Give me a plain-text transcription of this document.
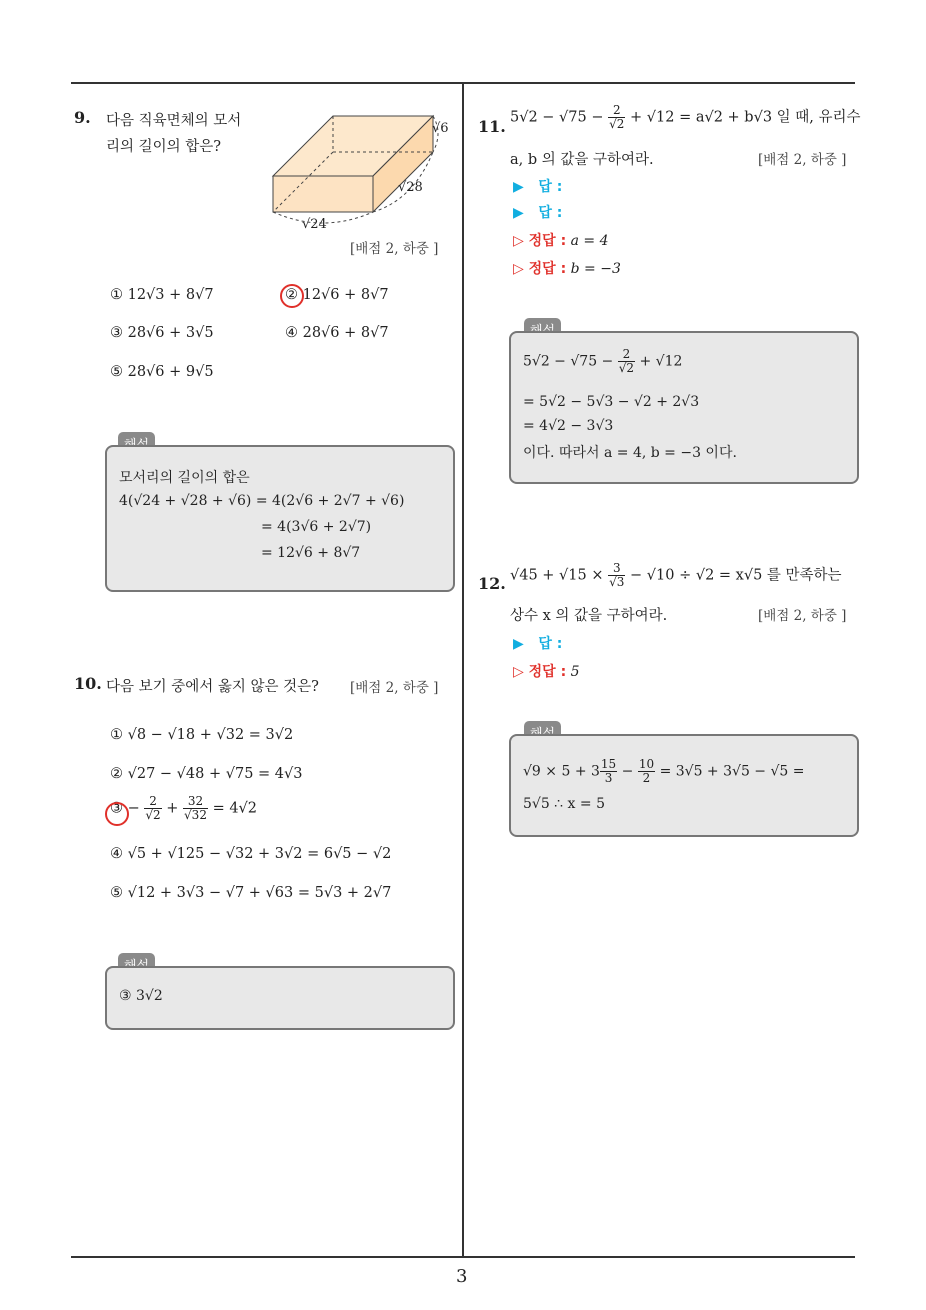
9. 다음 직육면체의 모서
리의 길이의 합은?
√6
√28
√24
[배점 2, 하중 ]
① 12√3 + 8√7	② 12√6 + 8√7
③ 28√6 + 3√5	④ 28√6 + 8√7
⑤ 28√6 + 9√5
모서리의 길이의 합은
4(√24 + √28 + √6) = 4(2√6 + 2√7 + √6)
= 4(3√6 + 2√7)
= 12√6 + 8√7
10. 다음 보기 중에서 옳지 않은 것은? [배점 2, 하중 ]
① √8 − √18 + √32 = 3√2
② √27 − √48 + √75 = 4√3
③ − $\frac{2}{√2} + \frac{32}{√32} = 4√2$
④ √5 + √125 − √32 + 3√2 = 6√5 − √2
⑤ √12 + 3√3 − √7 + √63 = 5√3 + 2√7
③ 3√2
11. $5√2 - √75 - \frac{2}{√2} + √12 = a√2 + b√3$ 일 때, 유리수
a, b 의 값을 구하여라.	[배점 2, 하중 ]
▶   답 :
▶   답 :
▷ 정답 : a = 4
▷ 정답 : b = −3
$5√2 - √75 - \frac{2}{√2} + √12$
= 5√2 − 5√3 − √2 + 2√3
= 4√2 − 3√3
이다. 따라서 a = 4, b = −3 이다.
12. $√45 + √15 \times \frac{3}{√3} - √10 \div √2 = x√5$ 를 만족하는
상수 x 의 값을 구하여라.	[배점 2, 하중 ]
▶   답 :
▷ 정답 : 5
$√9 \times 5 + 3 \frac{15}{3} - \frac{10}{2} = 3√5 + 3√5 - √5$ =
5√5 ∴ x = 5
3
